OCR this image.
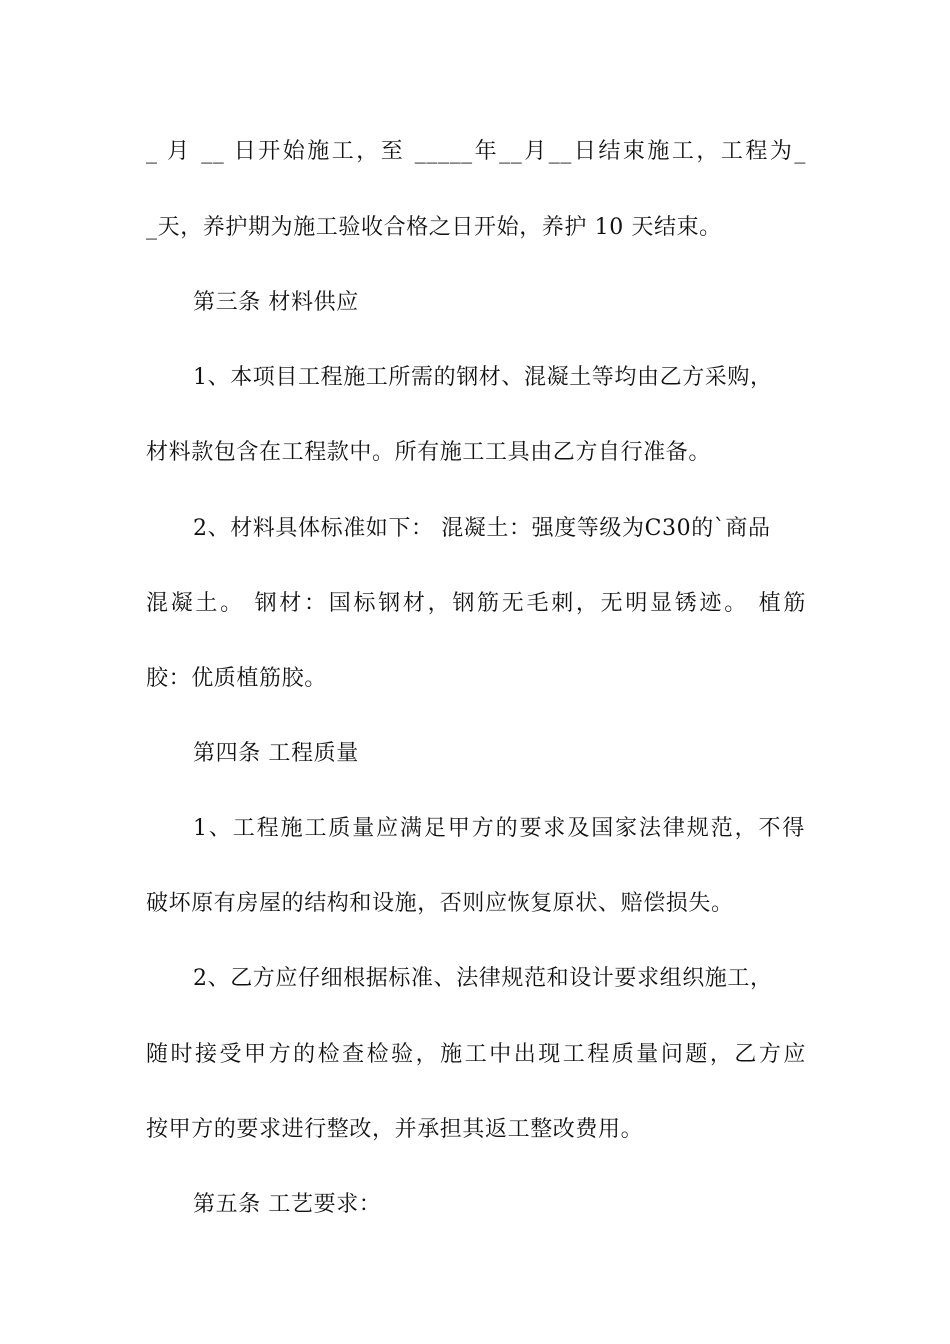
_ 月 __ 日开始施工，至 _____年__月__日结束施工，工程为_
_天，养护期为施工验收合格之日开始，养护 10 天结束。
第三条 材料供应
1、本项目工程施工所需的钢材、混凝土等均由乙方采购，
材料款包含在工程款中。所有施工工具由乙方自行准备。
2、材料具体标准如下： 混凝土：强度等级为C30的`商品
混凝土。 钢材：国标钢材，钢筋无毛刺，无明显锈迹。 植筋
胶：优质植筋胶。
第四条 工程质量
1、工程施工质量应满足甲方的要求及国家法律规范，不得
破坏原有房屋的结构和设施，否则应恢复原状、赔偿损失。
2、乙方应仔细根据标准、法律规范和设计要求组织施工，
随时接受甲方的检查检验，施工中出现工程质量问题，乙方应
按甲方的要求进行整改，并承担其返工整改费用。
第五条 工艺要求：
